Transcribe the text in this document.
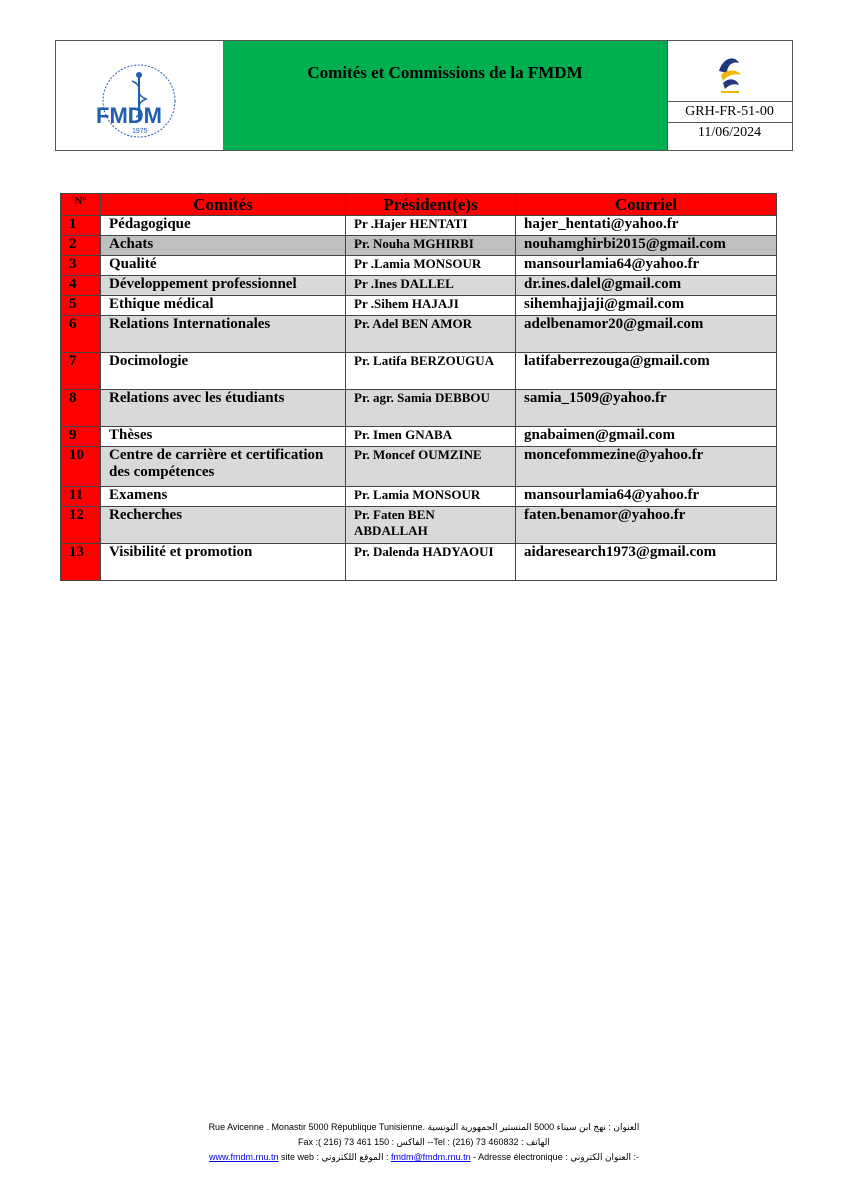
FMDM
1975
Comités et Commissions de la FMDM
GRH-FR-51-00
11/06/2024
N°	Comités	Président(e)s	Courriel
1	Pédagogique	Pr .Hajer HENTATI	hajer_hentati@yahoo.fr
2	Achats	Pr. Nouha MGHIRBI	nouhamghirbi2015@gmail.com
3	Qualité	Pr .Lamia MONSOUR	mansourlamia64@yahoo.fr
4	Développement professionnel	Pr .Ines DALLEL	dr.ines.dalel@gmail.com
5	Ethique médical	Pr .Sihem HAJAJI	sihemhajjaji@gmail.com
6	Relations Internationales	Pr. Adel BEN AMOR	adelbenamor20@gmail.com
7	Docimologie	Pr. Latifa BERZOUGUA	latifaberrezouga@gmail.com
8	Relations avec les étudiants	Pr. agr. Samia DEBBOU	samia_1509@yahoo.fr
9	Thèses	Pr. Imen GNABA	gnabaimen@gmail.com
10	Centre de carrière et certification des compétences	Pr. Moncef OUMZINE	moncefommezine@yahoo.fr
11	Examens	Pr. Lamia MONSOUR	mansourlamia64@yahoo.fr
12	Recherches	Pr. Faten BEN ABDALLAH	faten.benamor@yahoo.fr
13	Visibilité et promotion	Pr. Dalenda HADYAOUI	aidaresearch1973@gmail.com
Rue Avicenne . Monastir 5000 République Tunisienne. العنوان : نهج ابن سيناء 5000 المنستير الجمهورية التونسية
Fax :( 216) 73 461 150 : الفاكس --Tel : (216) 73 460832 : الهاتف
www.fmdm.rnu.tn site web : الموقع اللكتروني : fmdm@fmdm.rnu.tn - Adresse électronique : العنوان الكتروني :-
